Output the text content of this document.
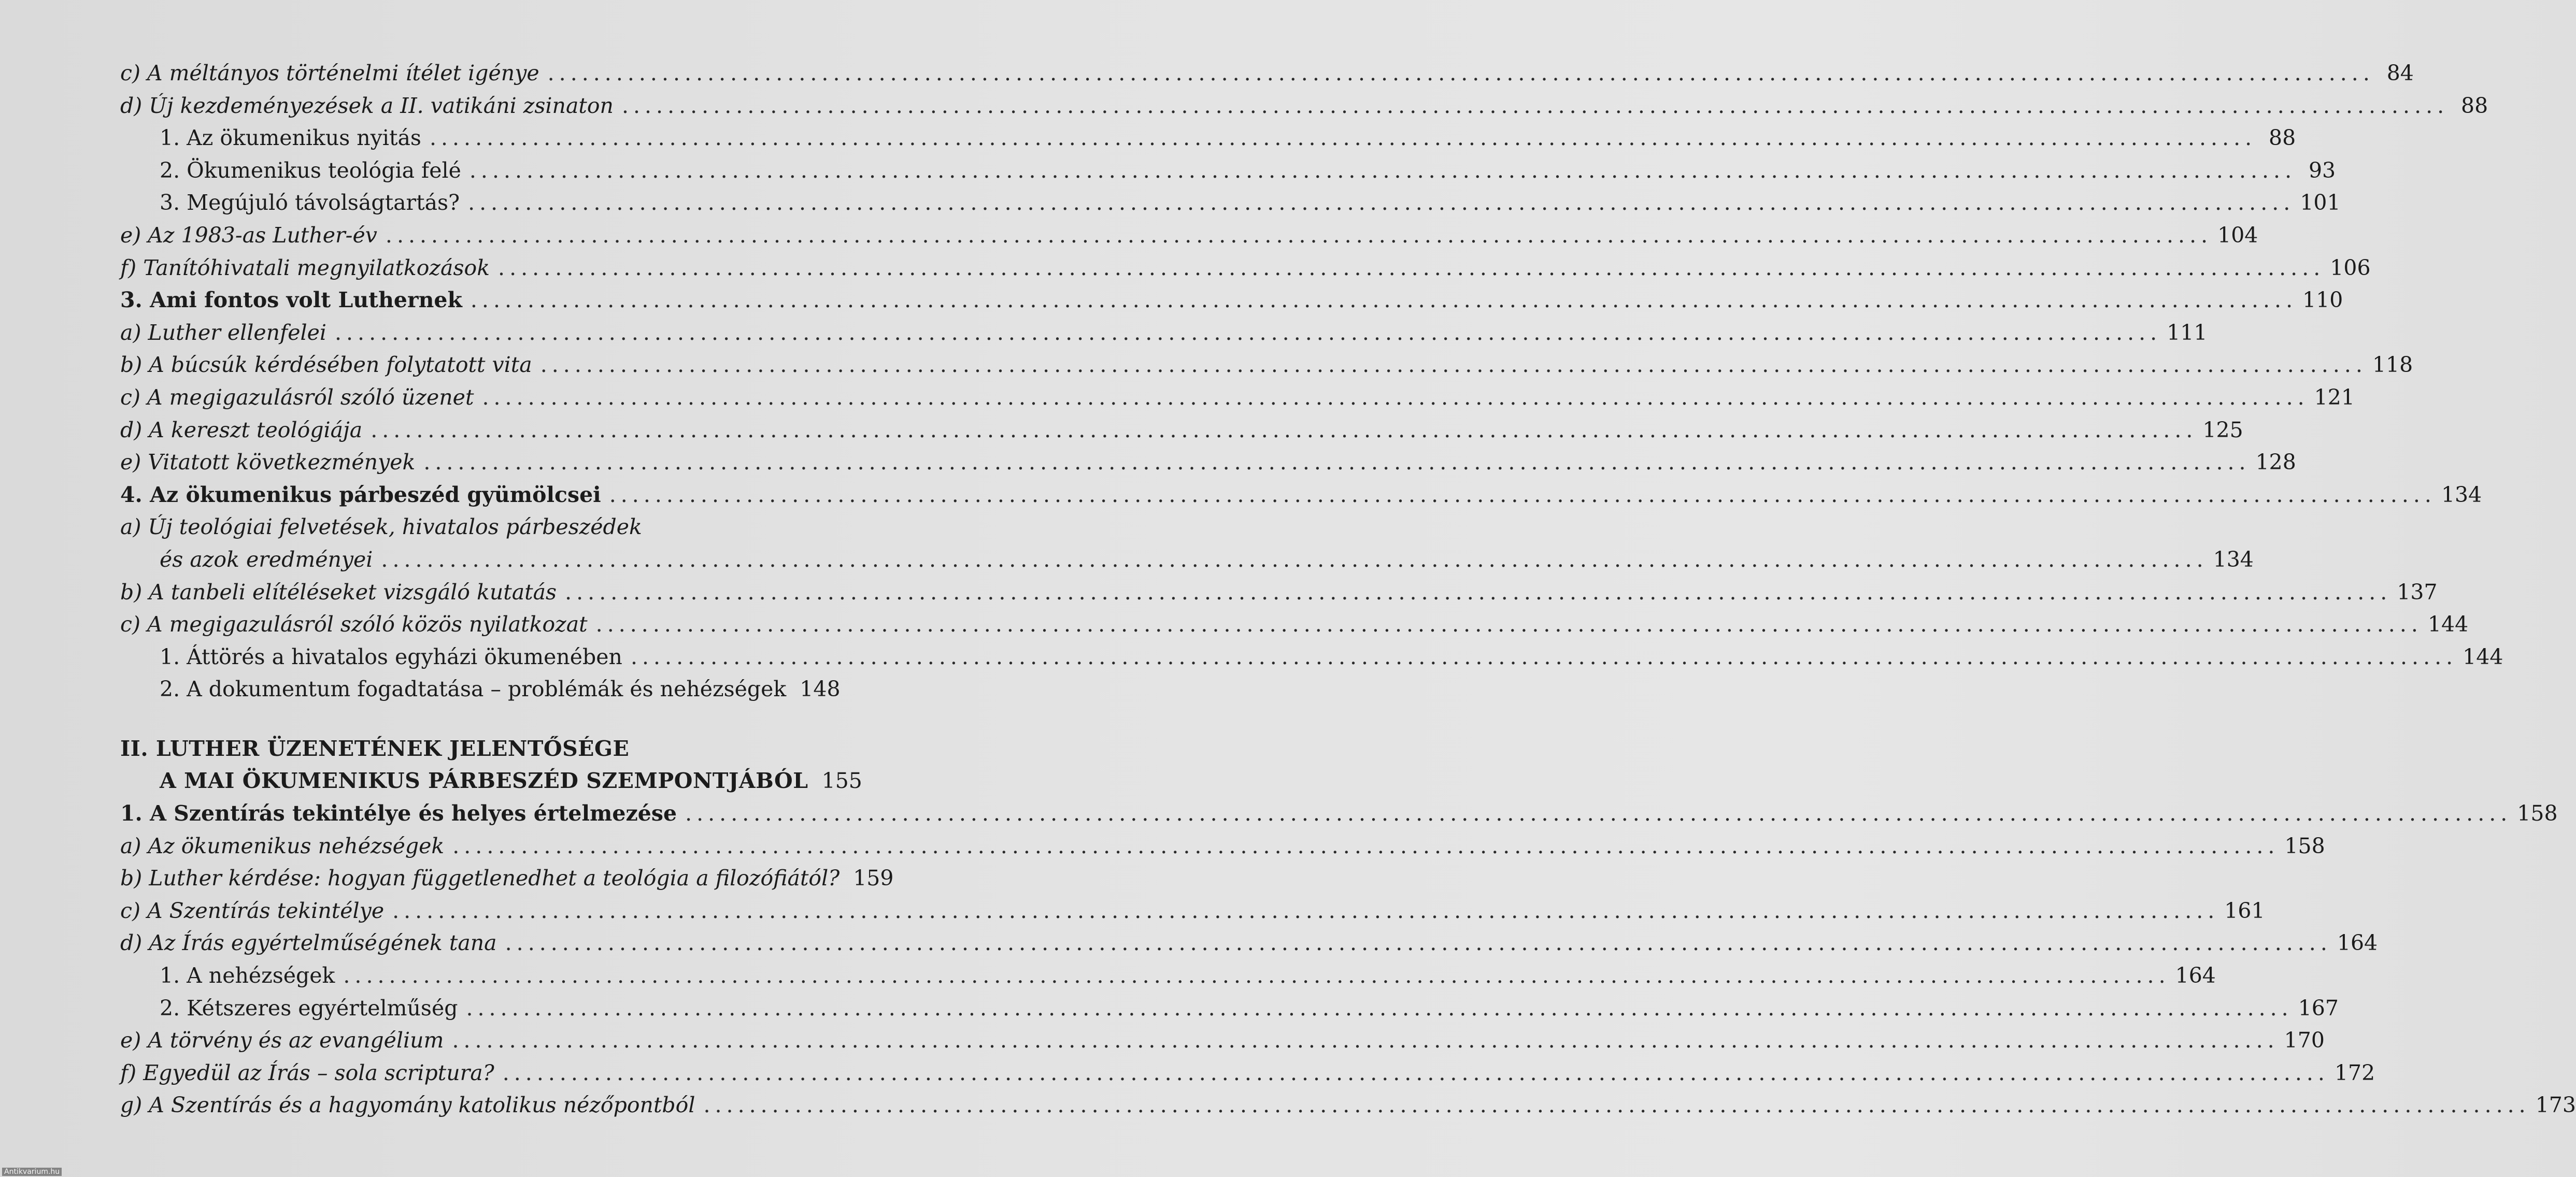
c) A méltányos történelmi ítélet igénye .....	84
d) Új kezdeményezések a II. vatikáni zsinaton .....	88
1. Az ökumenikus nyitás .....	88
2. Ökumenikus teológia felé .....	93
3. Megújuló távolságtartás? .....	101
e) Az 1983-as Luther-év .....	104
f) Tanítóhivatali megnyilatkozások .....	106
3. Ami fontos volt Luthernek .....	110
a) Luther ellenfelei .....	111
b) A búcsúk kérdésében folytatott vita .....	118
c) A megigazulásról szóló üzenet .....	121
d) A kereszt teológiája .....	125
e) Vitatott következmények .....	128
4. Az ökumenikus párbeszéd gyümölcsei .....	134
a) Új teológiai felvetések, hivatalos párbeszédek
és azok eredményei .....	134
b) A tanbeli elítéléseket vizsgáló kutatás .....	137
c) A megigazulásról szóló közös nyilatkozat .....	144
1. Áttörés a hivatalos egyházi ökumenében .....	144
2. A dokumentum fogadtatása – problémák és nehézségek 148
II. LUTHER ÜZENETÉNEK JELENTŐSÉGE
A MAI ÖKUMENIKUS PÁRBESZÉD SZEMPONTJÁBÓL 155
1. A Szentírás tekintélye és helyes értelmezése .....	158
a) Az ökumenikus nehézségek .....	158
b) Luther kérdése: hogyan függetlenedhet a teológia a filozófiától? 159
c) A Szentírás tekintélye .....	161
d) Az Írás egyértelműségének tana .....	164
1. A nehézségek .....	164
2. Kétszeres egyértelműség .....	167
e) A törvény és az evangélium .....	170
f) Egyedül az Írás – sola scriptura? .....	172
g) A Szentírás és a hagyomány katolikus nézőpontból .....	173
Antikvarium.hu
